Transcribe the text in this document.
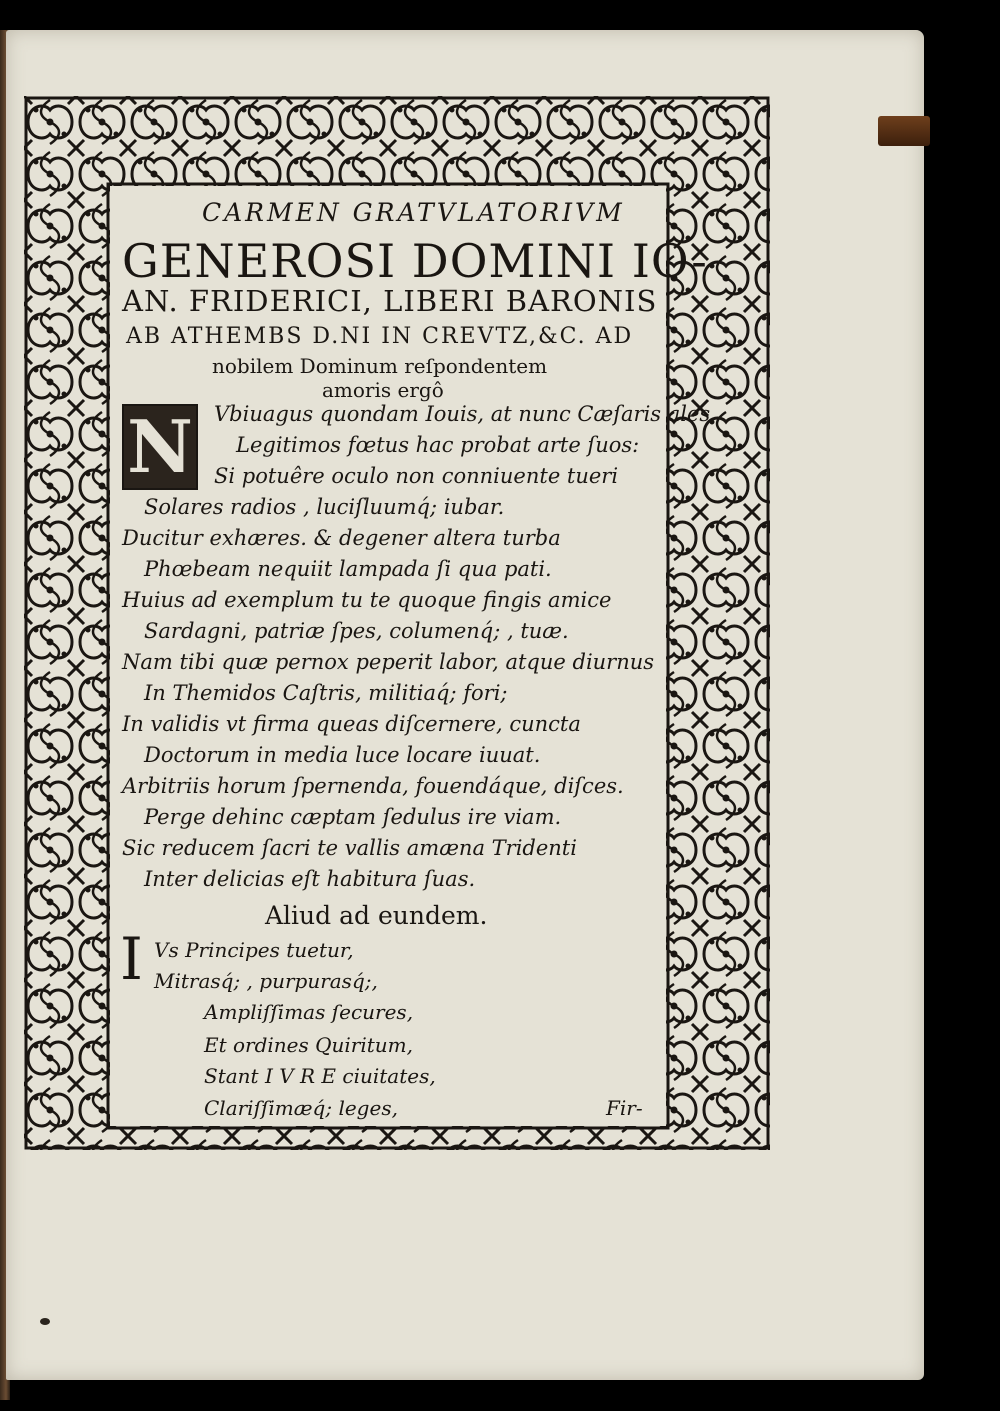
CARMEN GRATVLATORIVM
GENEROSI DOMINI IO-
AN. FRIDERICI, LIBERI BARONIS
AB ATHEMBS D.NI IN CREVTZ,&C. AD
nobilem Dominum reſpondentem
amoris ergô
N Vbiuagus quondam Iouis, at nunc Cæſaris ales
Legitimos fœtus hac probat arte ſuos:
Si potuêre oculo non conniuente tueri
Solares radios , luciſluumq́; iubar.
Ducitur exhæres. & degener altera turba
Phœbeam nequiit lampada ſi qua pati.
Huius ad exemplum tu te quoque fingis amice
Sardagni, patriæ ſpes, columenq́; , tuæ.
Nam tibi quæ pernox peperit labor, atque diurnus
In Themidos Caſtris, militiaq́; fori;
In validis vt firma queas diſcernere, cuncta
Doctorum in media luce locare iuuat.
Arbitriis horum ſpernenda, fouendáque, diſces.
Perge dehinc cæptam ſedulus ire viam.
Sic reducem ſacri te vallis amæna Tridenti
Inter delicias eſt habitura ſuas.
Aliud ad eundem.
I Vs Principes tuetur,
Mitrasq́; , purpurasq́;,
Ampliſſimas ſecures,
Et ordines Quiritum,
Stant I V R E ciuitates,
Clariſſimæq́; leges,	Fir-
